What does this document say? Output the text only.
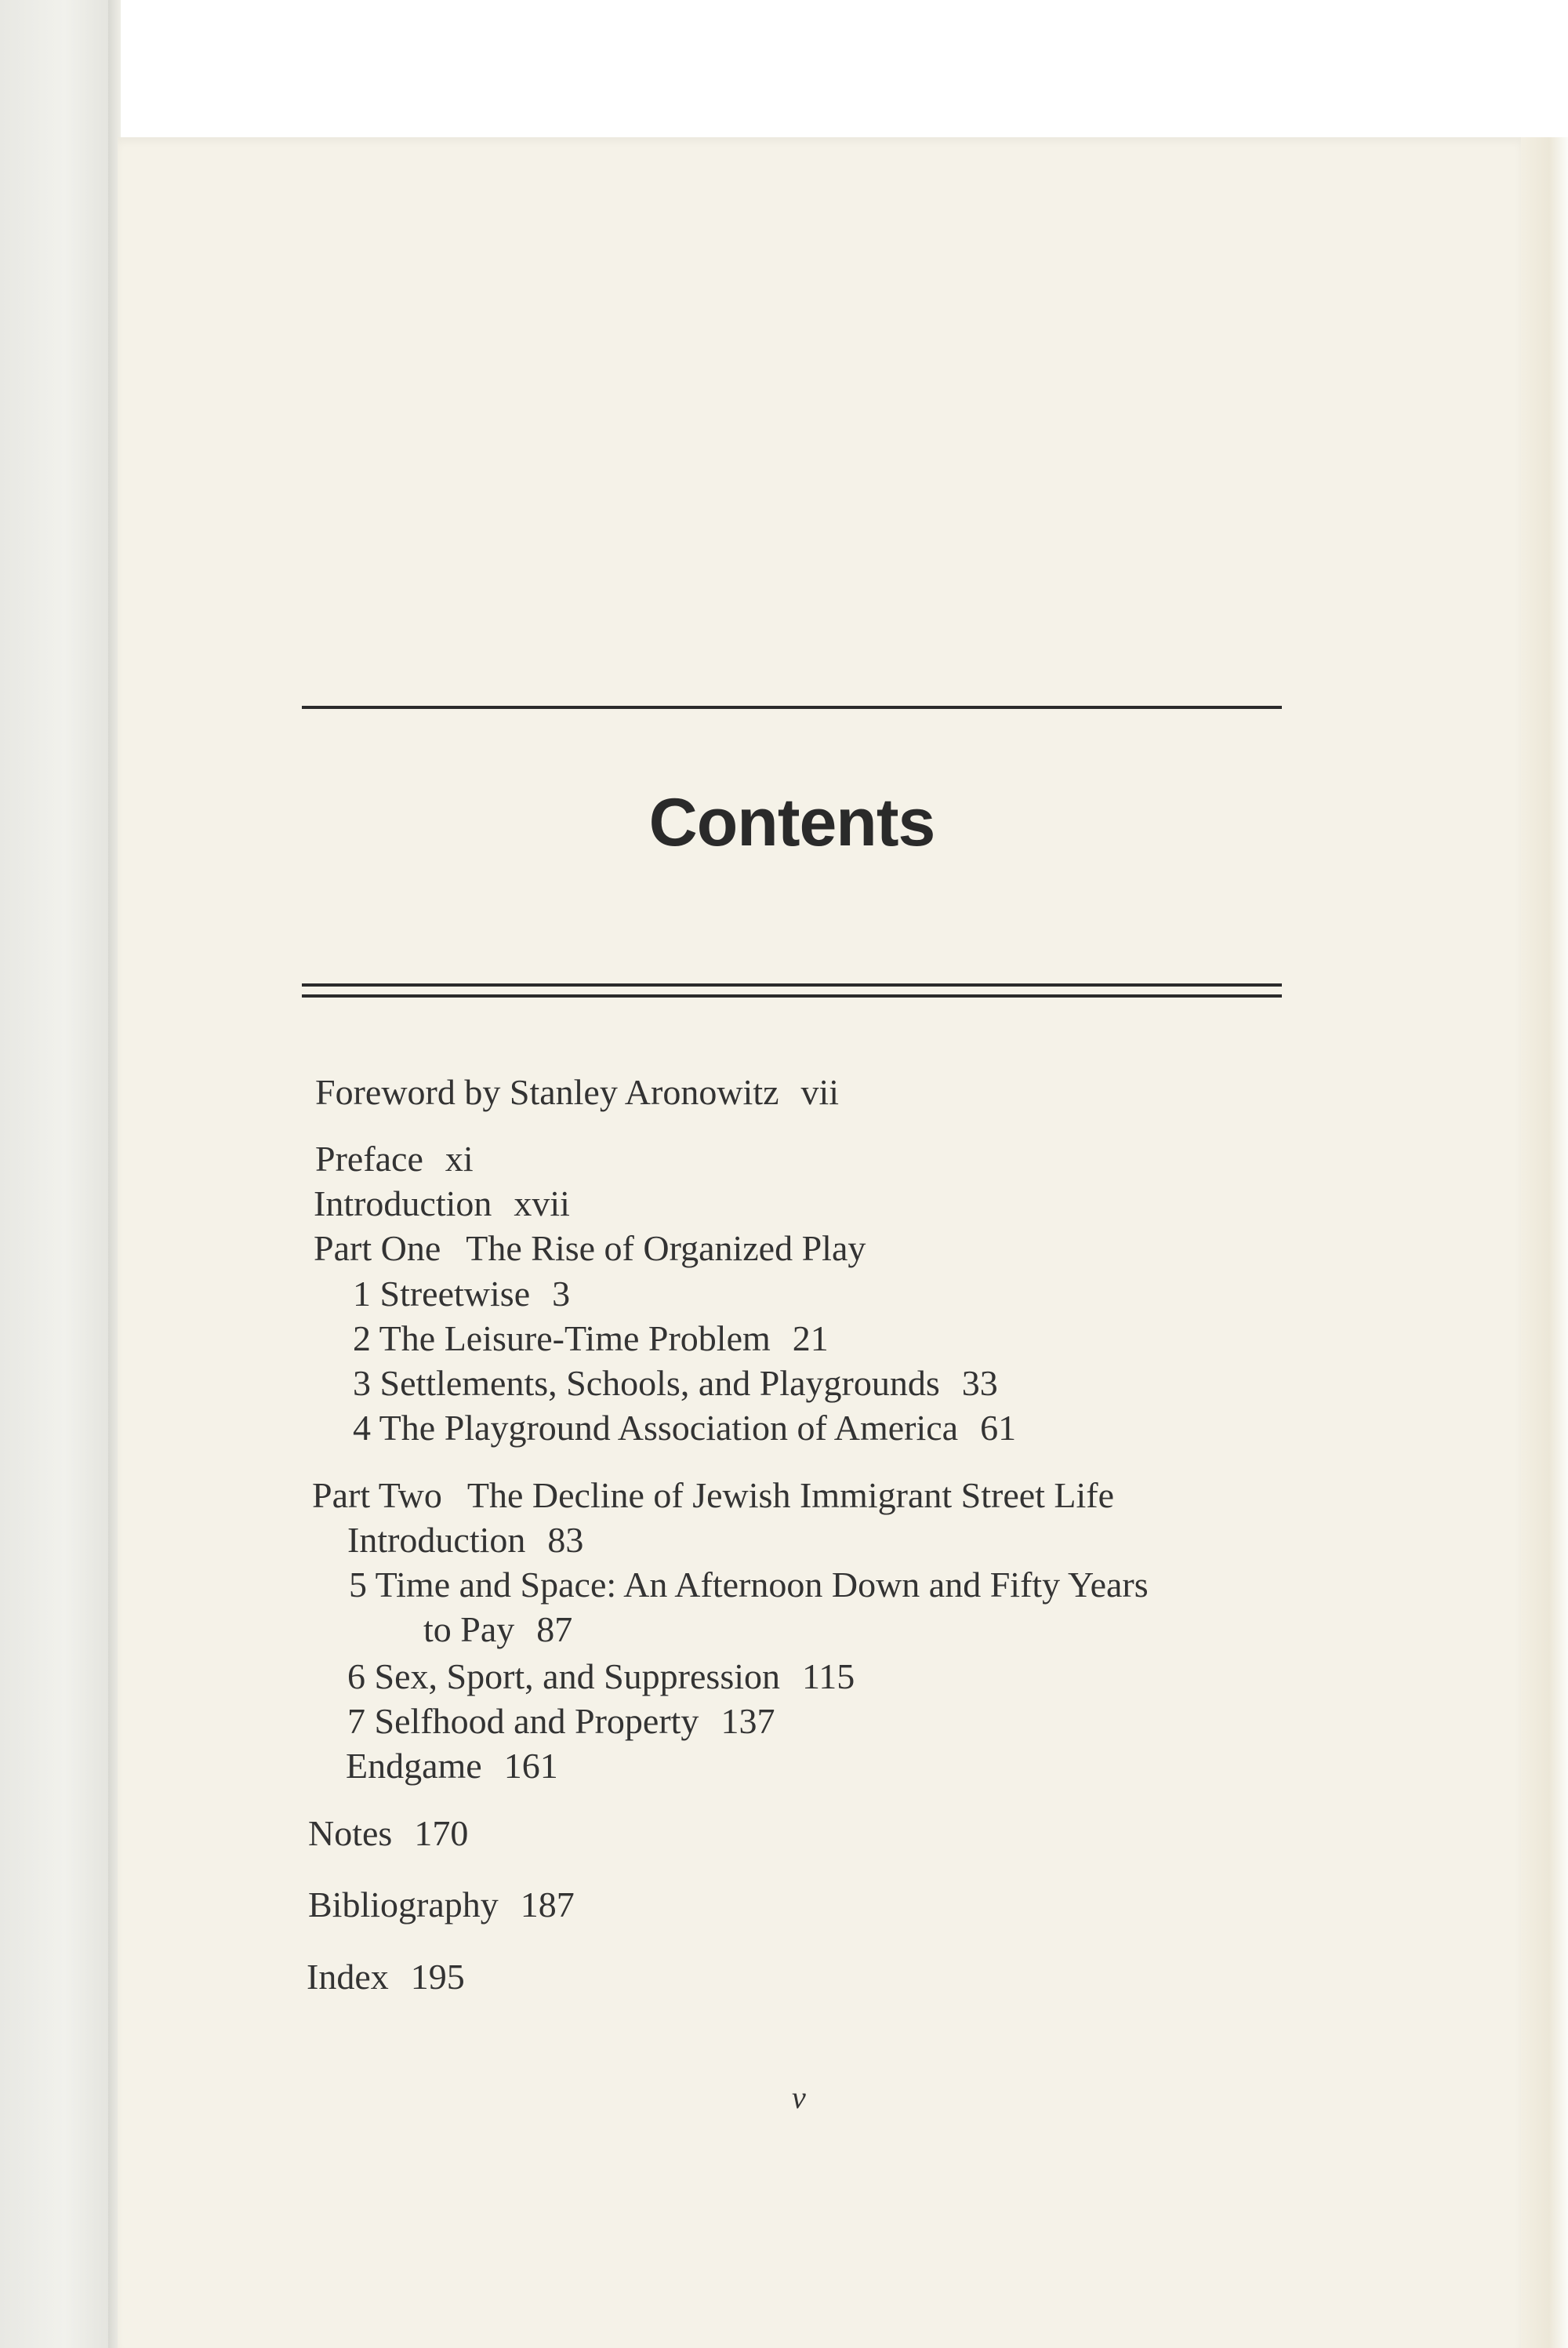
Contents
Foreword by Stanley Aronowitz vii
Preface xi
Introduction xvii
Part One The Rise of Organized Play
1 Streetwise 3
2 The Leisure-Time Problem 21
3 Settlements, Schools, and Playgrounds 33
4 The Playground Association of America 61
Part Two The Decline of Jewish Immigrant Street Life
Introduction 83
5 Time and Space: An Afternoon Down and Fifty Years
to Pay 87
6 Sex, Sport, and Suppression 115
7 Selfhood and Property 137
Endgame 161
Notes 170
Bibliography 187
Index 195
v
